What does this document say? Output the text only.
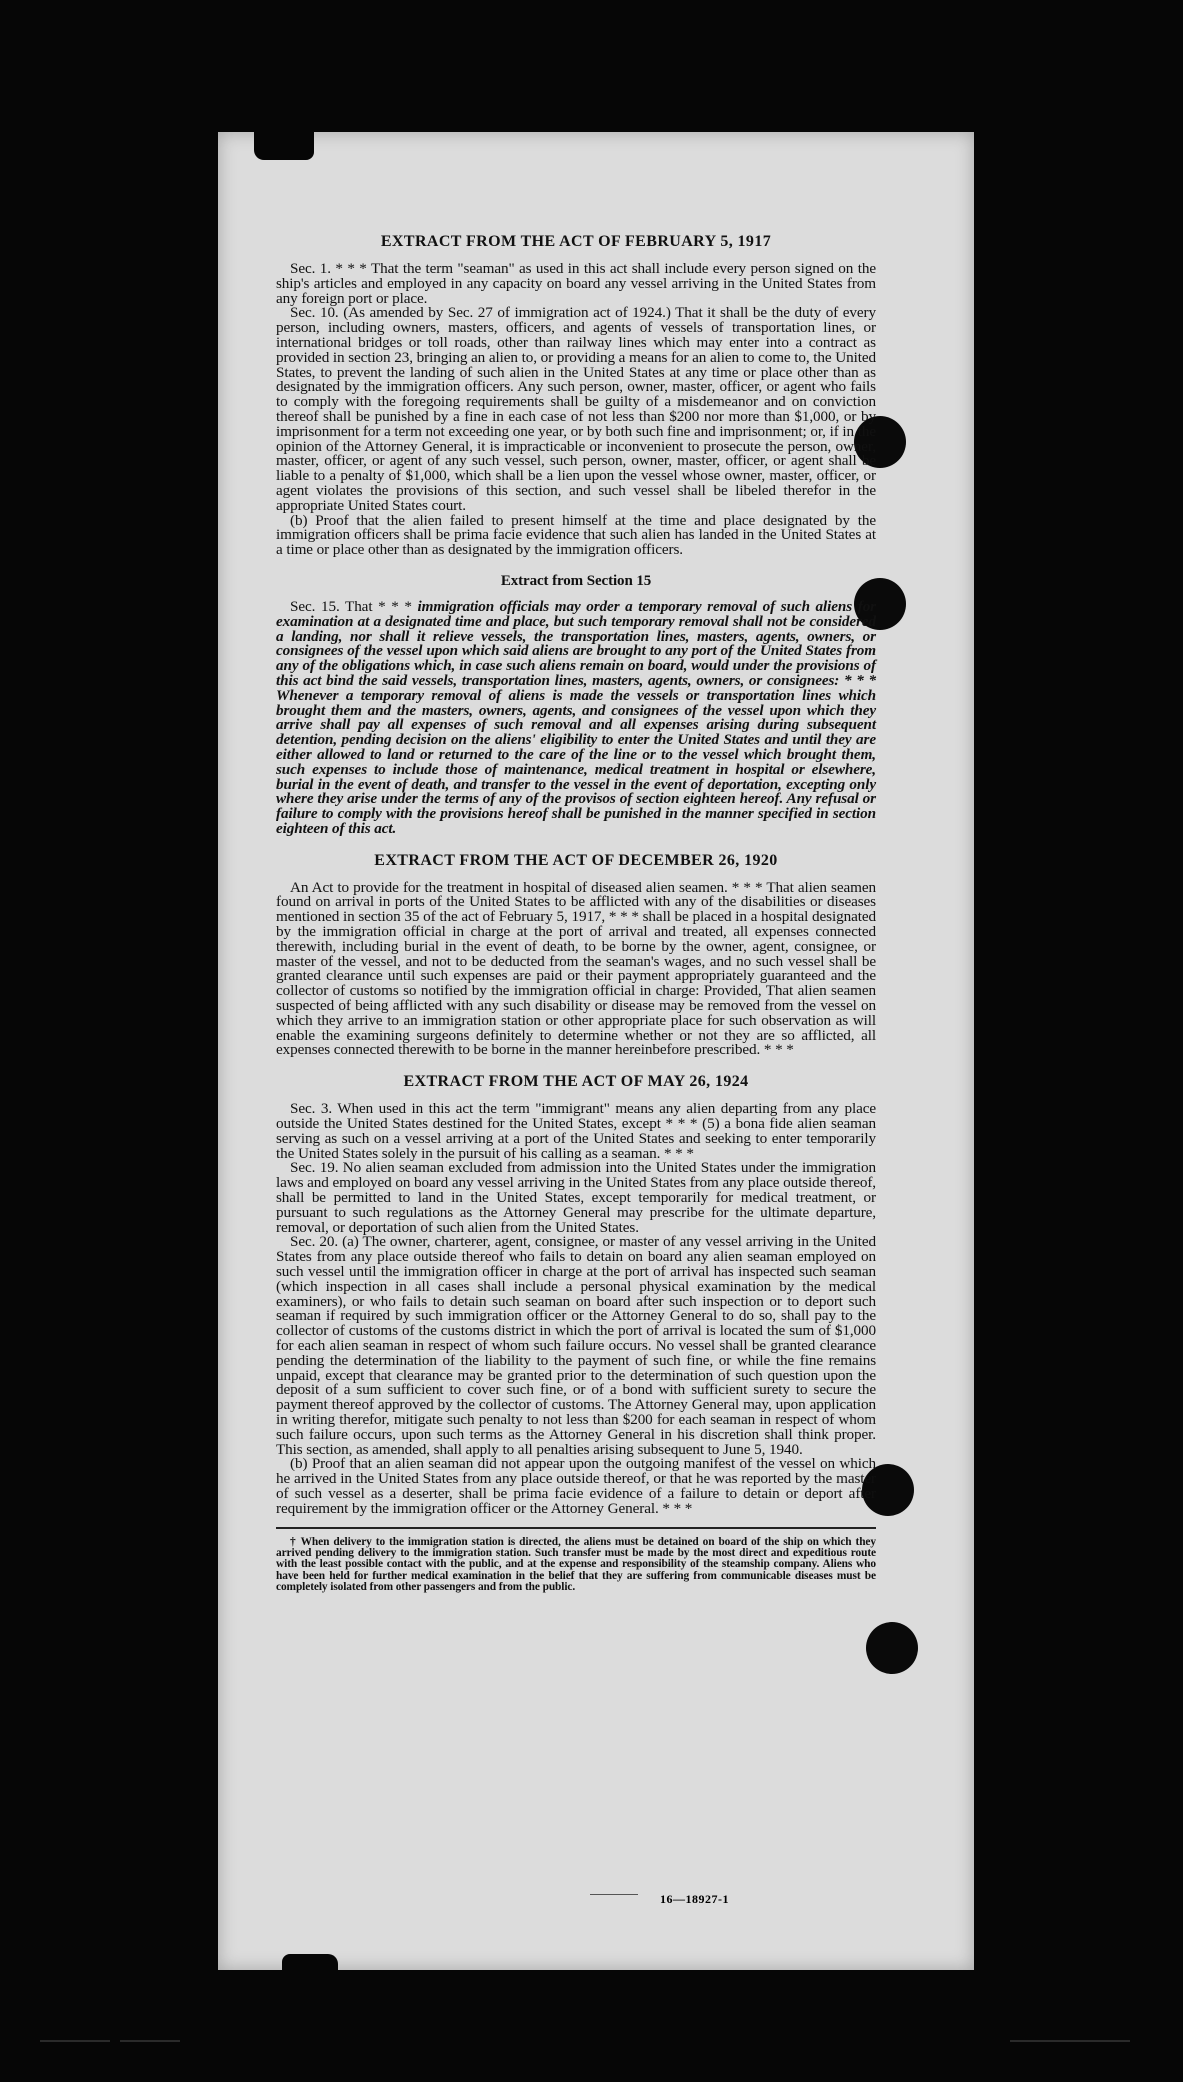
EXTRACT FROM THE ACT OF FEBRUARY 5, 1917

Sec. 1. * * * That the term "seaman" as used in this act shall include every person signed on the ship's articles and employed in any capacity on board any vessel arriving in the United States from any foreign port or place.

Sec. 10. (As amended by Sec. 27 of immigration act of 1924.) That it shall be the duty of every person, including owners, masters, officers, and agents of vessels of transportation lines, or international bridges or toll roads, other than railway lines which may enter into a contract as provided in section 23, bringing an alien to, or providing a means for an alien to come to, the United States, to prevent the landing of such alien in the United States at any time or place other than as designated by the immigration officers. Any such person, owner, master, officer, or agent who fails to comply with the foregoing requirements shall be guilty of a misdemeanor and on conviction thereof shall be punished by a fine in each case of not less than $200 nor more than $1,000, or by imprisonment for a term not exceeding one year, or by both such fine and imprisonment; or, if in the opinion of the Attorney General, it is impracticable or inconvenient to prosecute the person, owner, master, officer, or agent of any such vessel, such person, owner, master, officer, or agent shall be liable to a penalty of $1,000, which shall be a lien upon the vessel whose owner, master, officer, or agent violates the provisions of this section, and such vessel shall be libeled therefor in the appropriate United States court.

(b) Proof that the alien failed to present himself at the time and place designated by the immigration officers shall be prima facie evidence that such alien has landed in the United States at a time or place other than as designated by the immigration officers.

Extract from Section 15

Sec. 15. That * * * immigration officials may order a temporary removal of such aliens for examination at a designated time and place, but such temporary removal shall not be considered a landing, nor shall it relieve vessels, the transportation lines, masters, agents, owners, or consignees of the vessel upon which said aliens are brought to any port of the United States from any of the obligations which, in case such aliens remain on board, would under the provisions of this act bind the said vessels, transportation lines, masters, agents, owners, or consignees: * * * Whenever a temporary removal of aliens is made the vessels or transportation lines which brought them and the masters, owners, agents, and consignees of the vessel upon which they arrive shall pay all expenses of such removal and all expenses arising during subsequent detention, pending decision on the aliens' eligibility to enter the United States and until they are either allowed to land or returned to the care of the line or to the vessel which brought them, such expenses to include those of maintenance, medical treatment in hospital or elsewhere, burial in the event of death, and transfer to the vessel in the event of deportation, excepting only where they arise under the terms of any of the provisos of section eighteen hereof. Any refusal or failure to comply with the provisions hereof shall be punished in the manner specified in section eighteen of this act.

EXTRACT FROM THE ACT OF DECEMBER 26, 1920

An Act to provide for the treatment in hospital of diseased alien seamen. * * * That alien seamen found on arrival in ports of the United States to be afflicted with any of the disabilities or diseases mentioned in section 35 of the act of February 5, 1917, * * * shall be placed in a hospital designated by the immigration official in charge at the port of arrival and treated, all expenses connected therewith, including burial in the event of death, to be borne by the owner, agent, consignee, or master of the vessel, and not to be deducted from the seaman's wages, and no such vessel shall be granted clearance until such expenses are paid or their payment appropriately guaranteed and the collector of customs so notified by the immigration official in charge: Provided, That alien seamen suspected of being afflicted with any such disability or disease may be removed from the vessel on which they arrive to an immigration station or other appropriate place for such observation as will enable the examining surgeons definitely to determine whether or not they are so afflicted, all expenses connected therewith to be borne in the manner hereinbefore prescribed. * * *

EXTRACT FROM THE ACT OF MAY 26, 1924

Sec. 3. When used in this act the term "immigrant" means any alien departing from any place outside the United States destined for the United States, except * * * (5) a bona fide alien seaman serving as such on a vessel arriving at a port of the United States and seeking to enter temporarily the United States solely in the pursuit of his calling as a seaman. * * *

Sec. 19. No alien seaman excluded from admission into the United States under the immigration laws and employed on board any vessel arriving in the United States from any place outside thereof, shall be permitted to land in the United States, except temporarily for medical treatment, or pursuant to such regulations as the Attorney General may prescribe for the ultimate departure, removal, or deportation of such alien from the United States.

Sec. 20. (a) The owner, charterer, agent, consignee, or master of any vessel arriving in the United States from any place outside thereof who fails to detain on board any alien seaman employed on such vessel until the immigration officer in charge at the port of arrival has inspected such seaman (which inspection in all cases shall include a personal physical examination by the medical examiners), or who fails to detain such seaman on board after such inspection or to deport such seaman if required by such immigration officer or the Attorney General to do so, shall pay to the collector of customs of the customs district in which the port of arrival is located the sum of $1,000 for each alien seaman in respect of whom such failure occurs. No vessel shall be granted clearance pending the determination of the liability to the payment of such fine, or while the fine remains unpaid, except that clearance may be granted prior to the determination of such question upon the deposit of a sum sufficient to cover such fine, or of a bond with sufficient surety to secure the payment thereof approved by the collector of customs. The Attorney General may, upon application in writing therefor, mitigate such penalty to not less than $200 for each seaman in respect of whom such failure occurs, upon such terms as the Attorney General in his discretion shall think proper. This section, as amended, shall apply to all penalties arising subsequent to June 5, 1940.

(b) Proof that an alien seaman did not appear upon the outgoing manifest of the vessel on which he arrived in the United States from any place outside thereof, or that he was reported by the master of such vessel as a deserter, shall be prima facie evidence of a failure to detain or deport after requirement by the immigration officer or the Attorney General. * * *

† When delivery to the immigration station is directed, the aliens must be detained on board of the ship on which they arrived pending delivery to the immigration station. Such transfer must be made by the most direct and expeditious route with the least possible contact with the public, and at the expense and responsibility of the steamship company. Aliens who have been held for further medical examination in the belief that they are suffering from communicable diseases must be completely isolated from other passengers and from the public.

16—18927-1
